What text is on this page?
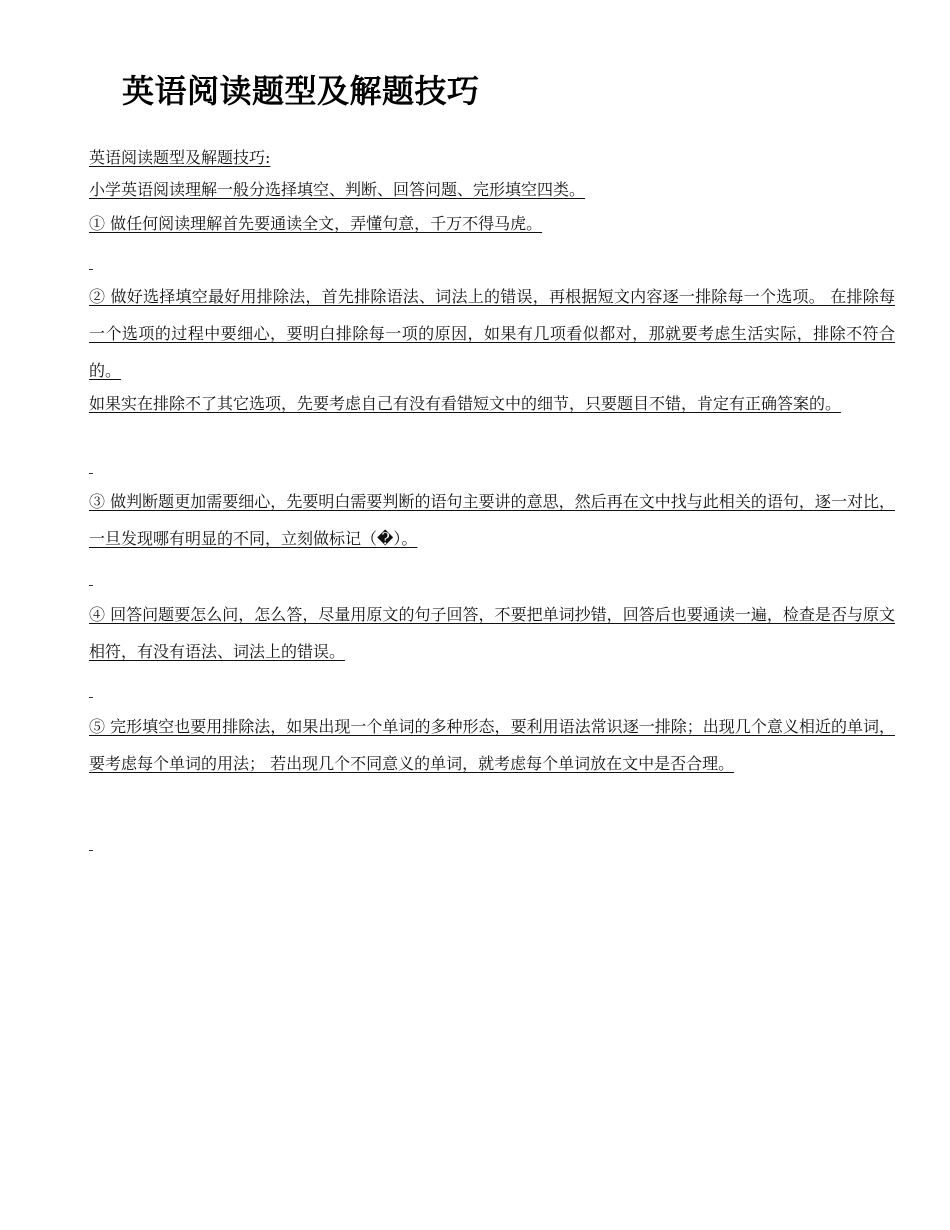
英语阅读题型及解题技巧

英语阅读题型及解题技巧:

小学英语阅读理解一般分选择填空、判断、回答问题、完形填空四类。

① 做任何阅读理解首先要通读全文，弄懂句意，千万不得马虎。

② 做好选择填空最好用排除法，首先排除语法、词法上的错误，再根据短文内容逐一排除每一个选项。 在排除每一个选项的过程中要细心，要明白排除每一项的原因，如果有几项看似都对，那就要考虑生活实际，排除不符合的。

如果实在排除不了其它选项，先要考虑自己有没有看错短文中的细节，只要题目不错，肯定有正确答案的。

③ 做判断题更加需要细心，先要明白需要判断的语句主要讲的意思，然后再在文中找与此相关的语句，逐一对比，一旦发现哪有明显的不同，立刻做标记（�）。

④ 回答问题要怎么问，怎么答，尽量用原文的句子回答，不要把单词抄错，回答后也要通读一遍，检查是否与原文相符，有没有语法、词法上的错误。

⑤ 完形填空也要用排除法，如果出现一个单词的多种形态，要利用语法常识逐一排除；出现几个意义相近的单词，要考虑每个单词的用法； 若出现几个不同意义的单词，就考虑每个单词放在文中是否合理。
